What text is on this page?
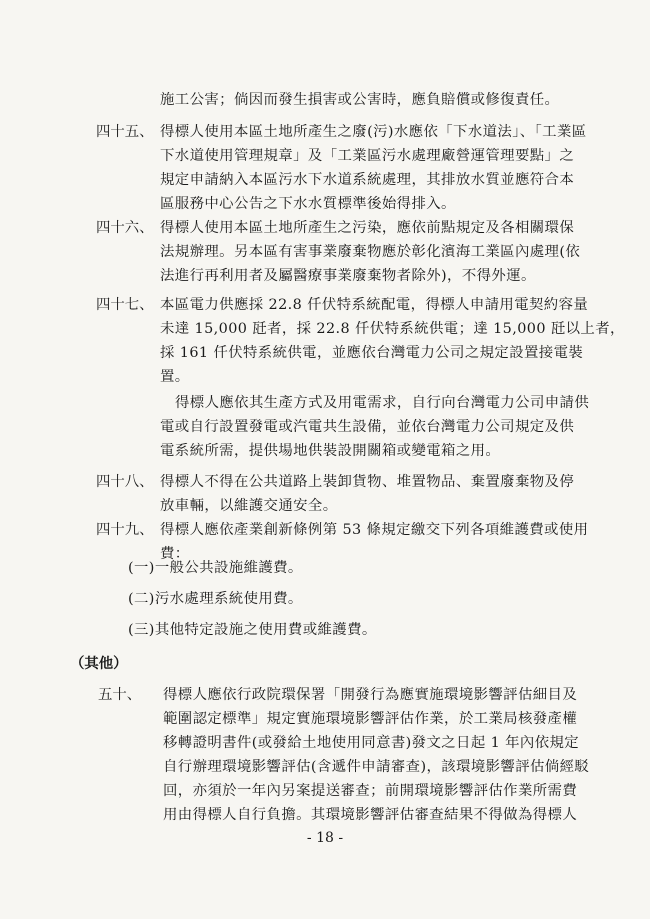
施工公害；倘因而發生損害或公害時，應負賠償或修復責任。
四十五、 得標人使用本區土地所產生之廢(污)水應依「下水道法」、「工業區
下水道使用管理規章」及「工業區污水處理廠營運管理要點」之
規定申請納入本區污水下水道系統處理，其排放水質並應符合本
區服務中心公告之下水水質標準後始得排入。
四十六、 得標人使用本區土地所產生之污染，應依前點規定及各相關環保
法規辦理。另本區有害事業廢棄物應於彰化濱海工業區內處理(依
法進行再利用者及屬醫療事業廢棄物者除外)，不得外運。
四十七、 本區電力供應採 22.8 仟伏特系統配電，得標人申請用電契約容量
未達 15,000 瓩者，採 22.8 仟伏特系統供電；達 15,000 瓩以上者，
採 161 仟伏特系統供電，並應依台灣電力公司之規定設置接電裝
置。
得標人應依其生產方式及用電需求，自行向台灣電力公司申請供
電或自行設置發電或汽電共生設備，並依台灣電力公司規定及供
電系統所需，提供場地供裝設開關箱或變電箱之用。
四十八、 得標人不得在公共道路上裝卸貨物、堆置物品、棄置廢棄物及停
放車輛，以維護交通安全。
四十九、 得標人應依產業創新條例第 53 條規定繳交下列各項維護費或使用
費：
(一)一般公共設施維護費。
(二)污水處理系統使用費。
(三)其他特定設施之使用費或維護費。
（其他）
五十、 得標人應依行政院環保署「開發行為應實施環境影響評估細目及
範圍認定標準」規定實施環境影響評估作業，於工業局核發產權
移轉證明書件(或發給土地使用同意書)發文之日起 1 年內依規定
自行辦理環境影響評估(含遞件申請審查)，該環境影響評估倘經駁
回，亦須於一年內另案提送審查；前開環境影響評估作業所需費
用由得標人自行負擔。其環境影響評估審查結果不得做為得標人
- 18 -
